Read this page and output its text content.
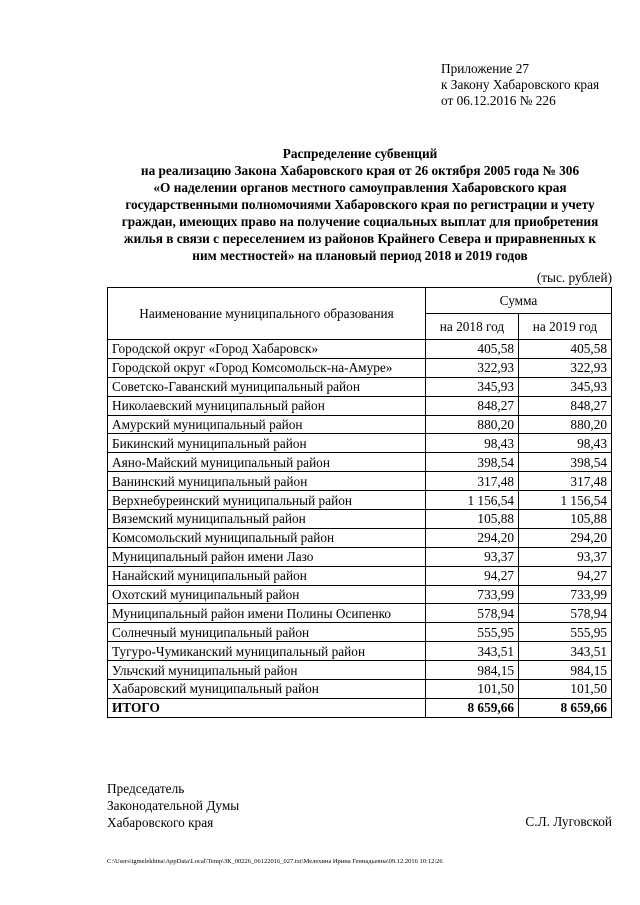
Приложение 27
к Закону Хабаровского края
от 06.12.2016 № 226
Распределение субвенций
на реализацию Закона Хабаровского края от 26 октября 2005 года № 306
«О наделении органов местного самоуправления Хабаровского края
государственными полномочиями Хабаровского края по регистрации и учету
граждан, имеющих право на получение социальных выплат для приобретения
жилья в связи с переселением из районов Крайнего Севера и приравненных к
ним местностей» на плановый период 2018 и 2019 годов
(тыс. рублей)
Наименование муниципального образования	Сумма	
	на 2018 год	на 2019 год
Городской округ «Город Хабаровск»	405,58	405,58
Городской округ «Город Комсомольск-на-Амуре»	322,93	322,93
Советско-Гаванский муниципальный район	345,93	345,93
Николаевский муниципальный район	848,27	848,27
Амурский муниципальный район	880,20	880,20
Бикинский муниципальный район	98,43	98,43
Аяно-Майский муниципальный район	398,54	398,54
Ванинский муниципальный район	317,48	317,48
Верхнебуреинский муниципальный район	1 156,54	1 156,54
Вяземский муниципальный район	105,88	105,88
Комсомольский муниципальный район	294,20	294,20
Муниципальный район имени Лазо	93,37	93,37
Нанайский муниципальный район	94,27	94,27
Охотский муниципальный район	733,99	733,99
Муниципальный район имени Полины Осипенко	578,94	578,94
Солнечный муниципальный район	555,95	555,95
Тугуро-Чумиканский муниципальный район	343,51	343,51
Ульчский муниципальный район	984,15	984,15
Хабаровский муниципальный район	101,50	101,50
ИТОГО	8 659,66	8 659,66
Председатель
Законодательной Думы
Хабаровского края	С.Л. Луговской
C:\Users\igmelekhina\AppData\Local\Temp\ЗК_00226_06122016_027.txt\Мелехина Ирина Геннадьевна\09.12.2016 10:12:26
